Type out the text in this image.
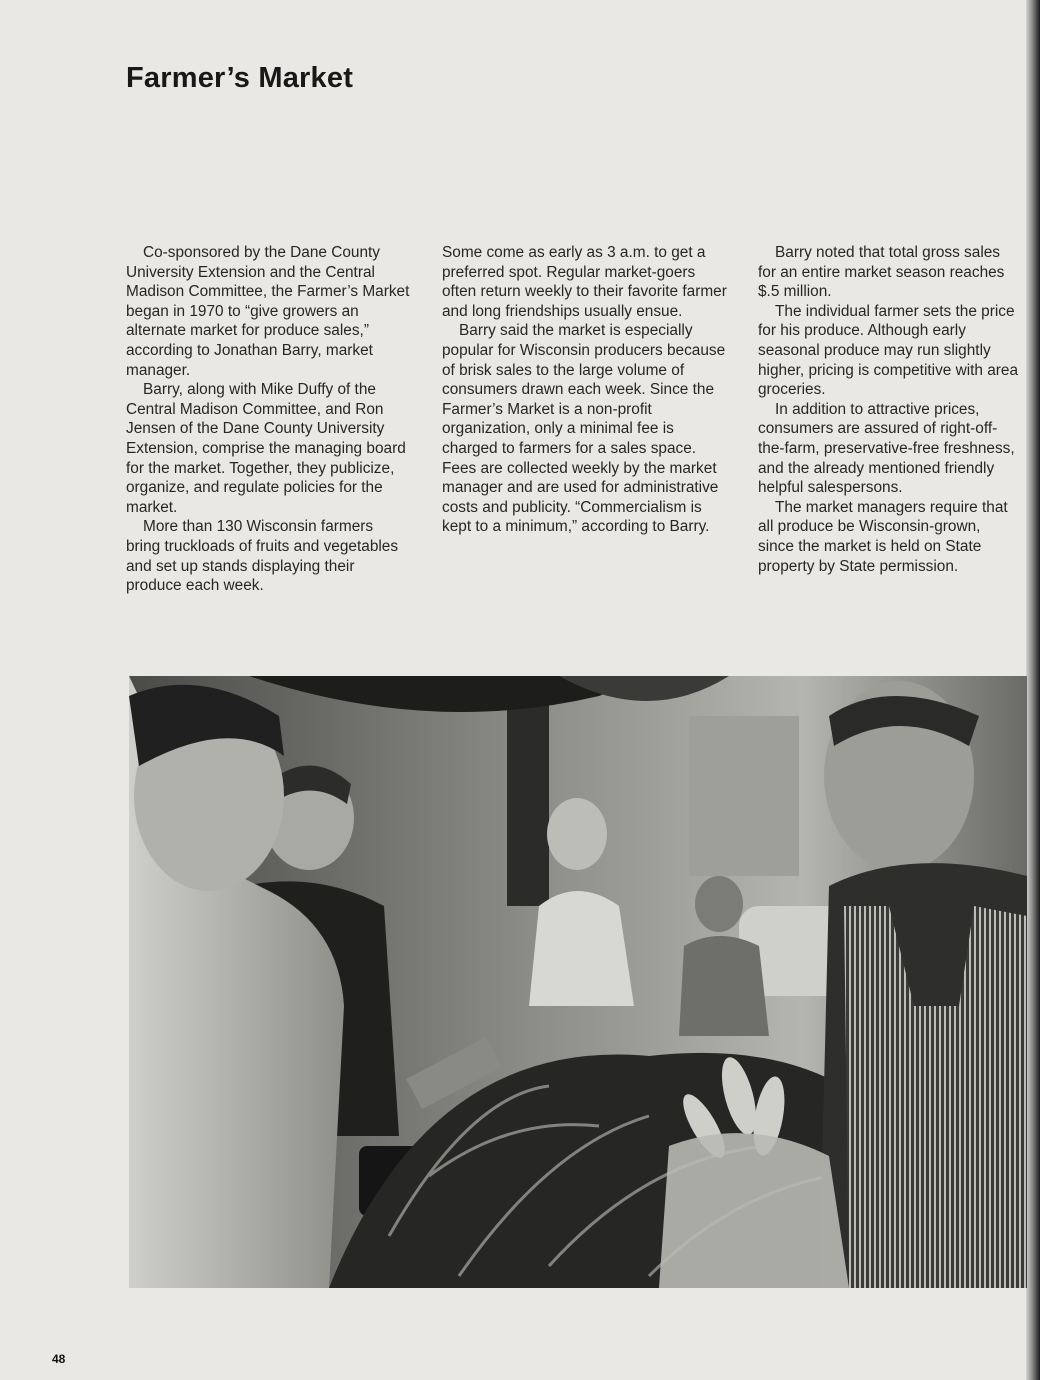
Farmer’s Market

Co-sponsored by the Dane County University Extension and the Central Madison Committee, the Farmer’s Market began in 1970 to “give growers an alternate market for produce sales,” according to Jonathan Barry, market manager.

Barry, along with Mike Duffy of the Central Madison Committee, and Ron Jensen of the Dane County University Extension, comprise the managing board for the market. Together, they publicize, organize, and regulate policies for the market.

More than 130 Wisconsin farmers bring truckloads of fruits and vegetables and set up stands displaying their produce each week.

Some come as early as 3 a.m. to get a preferred spot. Regular market-goers often return weekly to their favorite farmer and long friendships usually ensue.

Barry said the market is especially popular for Wisconsin producers because of brisk sales to the large volume of consumers drawn each week. Since the Farmer’s Market is a non-profit organization, only a minimal fee is charged to farmers for a sales space. Fees are collected weekly by the market manager and are used for administrative costs and publicity. “Commercialism is kept to a minimum,” according to Barry.

Barry noted that total gross sales for an entire market season reaches $.5 million.

The individual farmer sets the price for his produce. Although early seasonal produce may run slightly higher, pricing is competitive with area groceries.

In addition to attractive prices, consumers are assured of right-off-the-farm, preservative-free freshness, and the already mentioned friendly helpful salespersons.

The market managers require that all produce be Wisconsin-grown, since the market is held on State property by State permission.

48
